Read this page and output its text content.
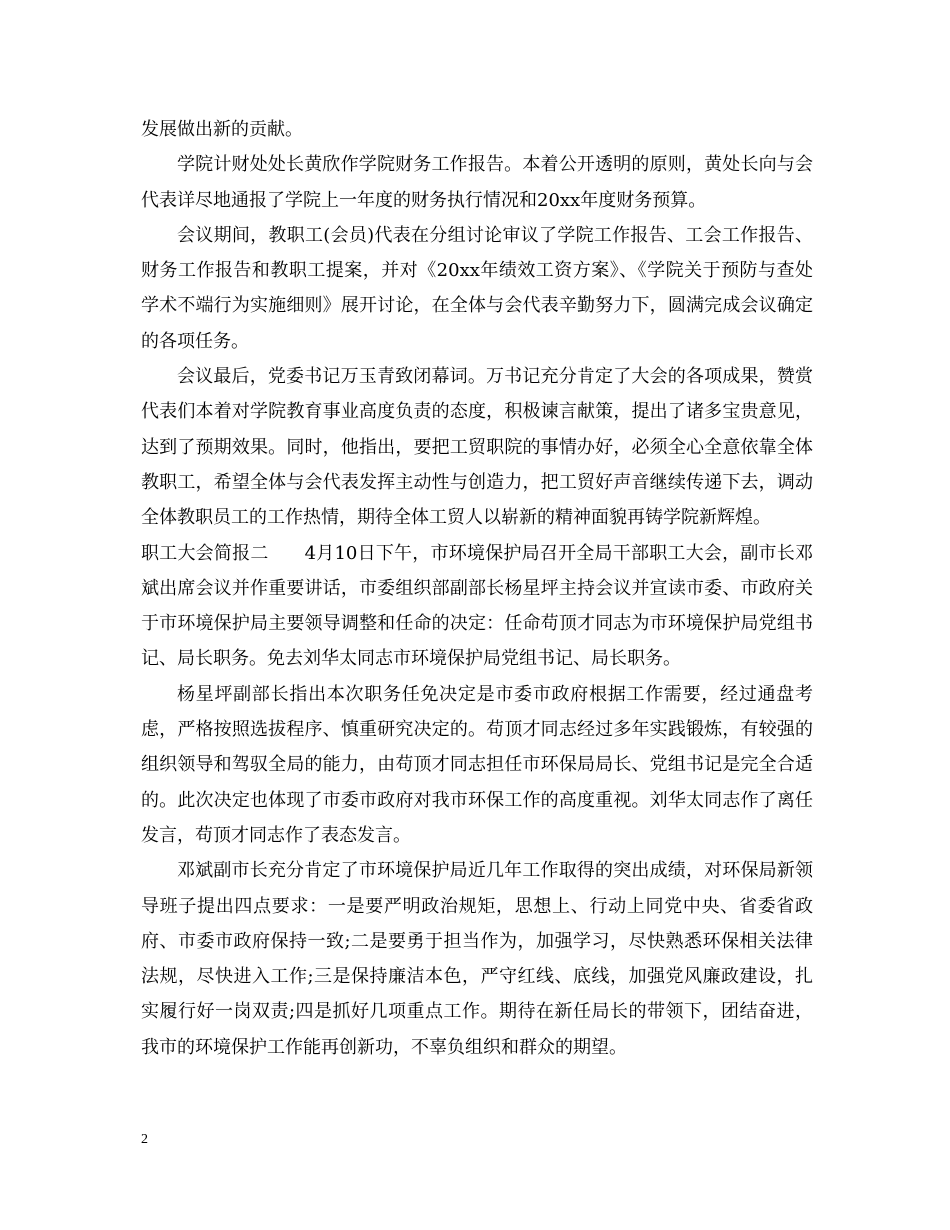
发展做出新的贡献。

学院计财处处长黄欣作学院财务工作报告。本着公开透明的原则，黄处长向与会代表详尽地通报了学院上一年度的财务执行情况和20xx年度财务预算。

会议期间，教职工(会员)代表在分组讨论审议了学院工作报告、工会工作报告、财务工作报告和教职工提案，并对《20xx年绩效工资方案》、《学院关于预防与查处学术不端行为实施细则》展开讨论，在全体与会代表辛勤努力下，圆满完成会议确定的各项任务。

会议最后，党委书记万玉青致闭幕词。万书记充分肯定了大会的各项成果，赞赏代表们本着对学院教育事业高度负责的态度，积极谏言献策，提出了诸多宝贵意见，达到了预期效果。同时，他指出，要把工贸职院的事情办好，必须全心全意依靠全体教职工，希望全体与会代表发挥主动性与创造力，把工贸好声音继续传递下去，调动全体教职员工的工作热情，期待全体工贸人以崭新的精神面貌再铸学院新辉煌。

职工大会简报二 4月10日下午，市环境保护局召开全局干部职工大会，副市长邓斌出席会议并作重要讲话，市委组织部副部长杨星坪主持会议并宣读市委、市政府关于市环境保护局主要领导调整和任命的决定：任命苟顶才同志为市环境保护局党组书记、局长职务。免去刘华太同志市环境保护局党组书记、局长职务。

杨星坪副部长指出本次职务任免决定是市委市政府根据工作需要，经过通盘考虑，严格按照选拔程序、慎重研究决定的。苟顶才同志经过多年实践锻炼，有较强的组织领导和驾驭全局的能力，由苟顶才同志担任市环保局局长、党组书记是完全合适的。此次决定也体现了市委市政府对我市环保工作的高度重视。刘华太同志作了离任发言，苟顶才同志作了表态发言。

邓斌副市长充分肯定了市环境保护局近几年工作取得的突出成绩，对环保局新领导班子提出四点要求：一是要严明政治规矩，思想上、行动上同党中央、省委省政府、市委市政府保持一致;二是要勇于担当作为，加强学习，尽快熟悉环保相关法律法规，尽快进入工作;三是保持廉洁本色，严守红线、底线，加强党风廉政建设，扎实履行好一岗双责;四是抓好几项重点工作。期待在新任局长的带领下，团结奋进，我市的环境保护工作能再创新功，不辜负组织和群众的期望。

2
